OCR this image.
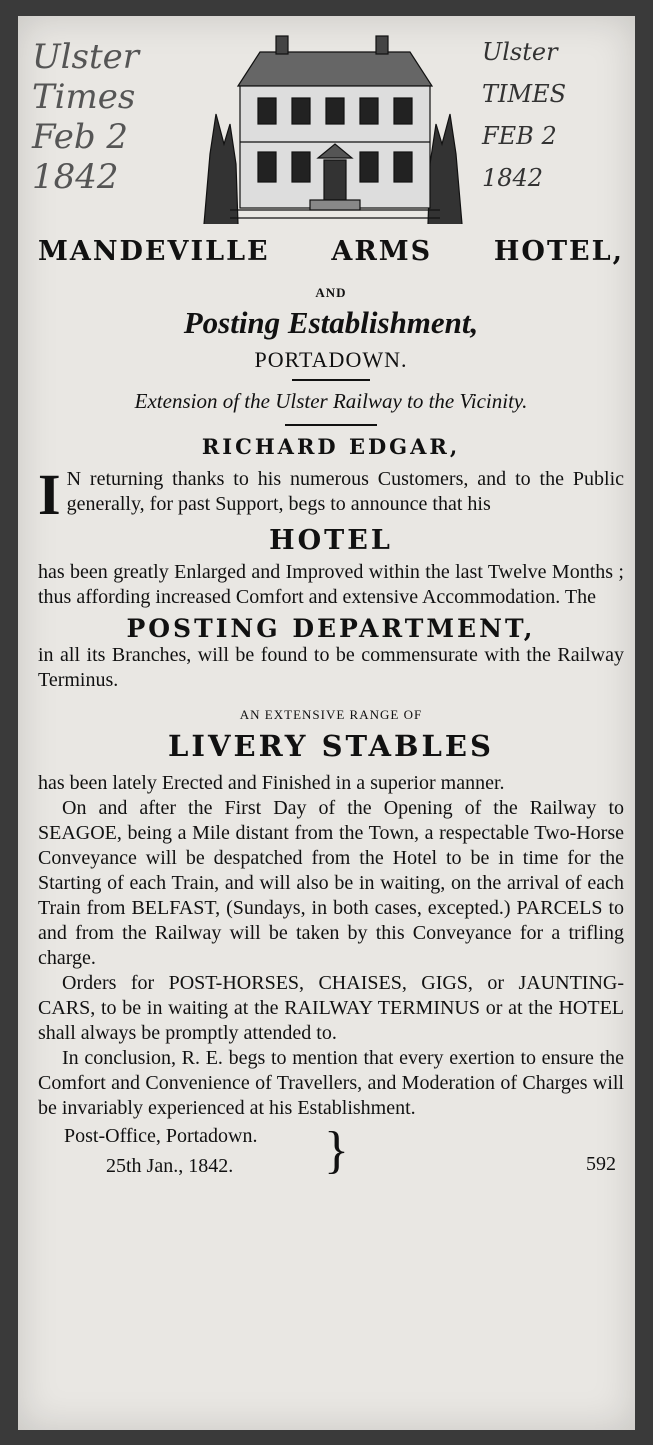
Ulster
Times
Feb 2
1842
Ulster
TIMES
FEB 2
1842
MANDEVILLE ARMS HOTEL,
AND
Posting Establishment,
PORTADOWN.
Extension of the Ulster Railway to the Vicinity.
RICHARD EDGAR,

I N returning thanks to his numerous Customers, and to the Public generally, for past Support, begs to announce that his

HOTEL

has been greatly Enlarged and Improved within the last Twelve Months ; thus affording increased Comfort and extensive Accommodation. The

POSTING DEPARTMENT,

in all its Branches, will be found to be commensurate with the Railway Terminus.

AN EXTENSIVE RANGE OF
LIVERY STABLES

has been lately Erected and Finished in a superior manner.

On and after the First Day of the Opening of the Railway to SEAGOE, being a Mile distant from the Town, a respectable Two-Horse Conveyance will be despatched from the Hotel to be in time for the Starting of each Train, and will also be in waiting, on the arrival of each Train from BELFAST, (Sundays, in both cases, excepted.) PARCELS to and from the Railway will be taken by this Conveyance for a trifling charge.

Orders for POST-HORSES, CHAISES, GIGS, or JAUNTING-CARS, to be in waiting at the RAILWAY TERMINUS or at the HOTEL shall always be promptly attended to.

In conclusion, R. E. begs to mention that every exertion to ensure the Comfort and Convenience of Travellers, and Moderation of Charges will be invariably experienced at his Establishment.

Post-Office, Portadown.
25th Jan., 1842. }	592
